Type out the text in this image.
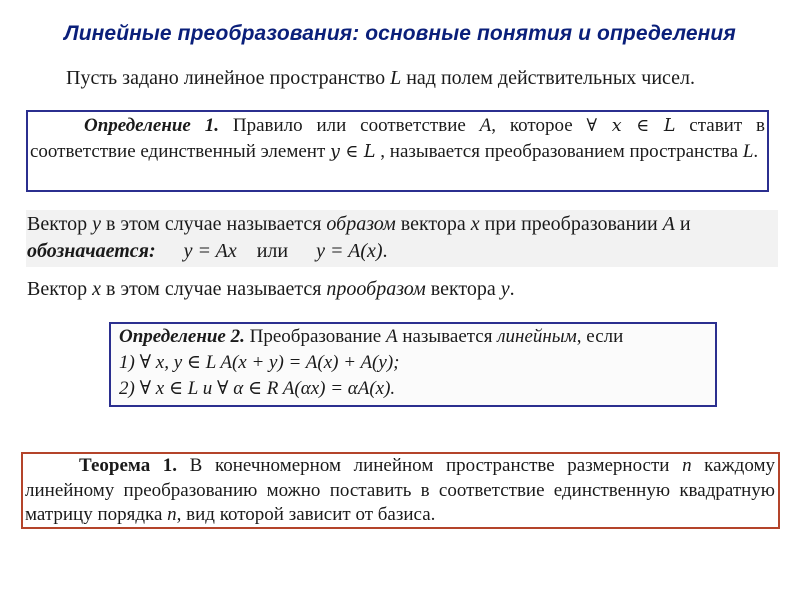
Линейные преобразования: основные понятия и определения
Пусть задано линейное пространство L над полем действительных чисел.

Определение 1. Правило или соответствие A, которое ∀ x ∈ L ставит в соответствие единственный элемент y ∈ L , называется преобразованием пространства L.

Вектор y в этом случае называется образом вектора x при преобразовании A и
обозначается: y = Ax или y = A(x).
Вектор x в этом случае называется прообразом вектора y.
Определение 2. Преобразование A называется линейным, если
1) ∀ x, y ∈ L A(x + y) = A(x) + A(y);
2) ∀ x ∈ L и ∀ α ∈ R A(αx) = αA(x).

Теорема 1. В конечномерном линейном пространстве размерности n каждому линейному преобразованию можно поставить в соответствие единственную квадратную матрицу порядка n, вид которой зависит от базиса.
